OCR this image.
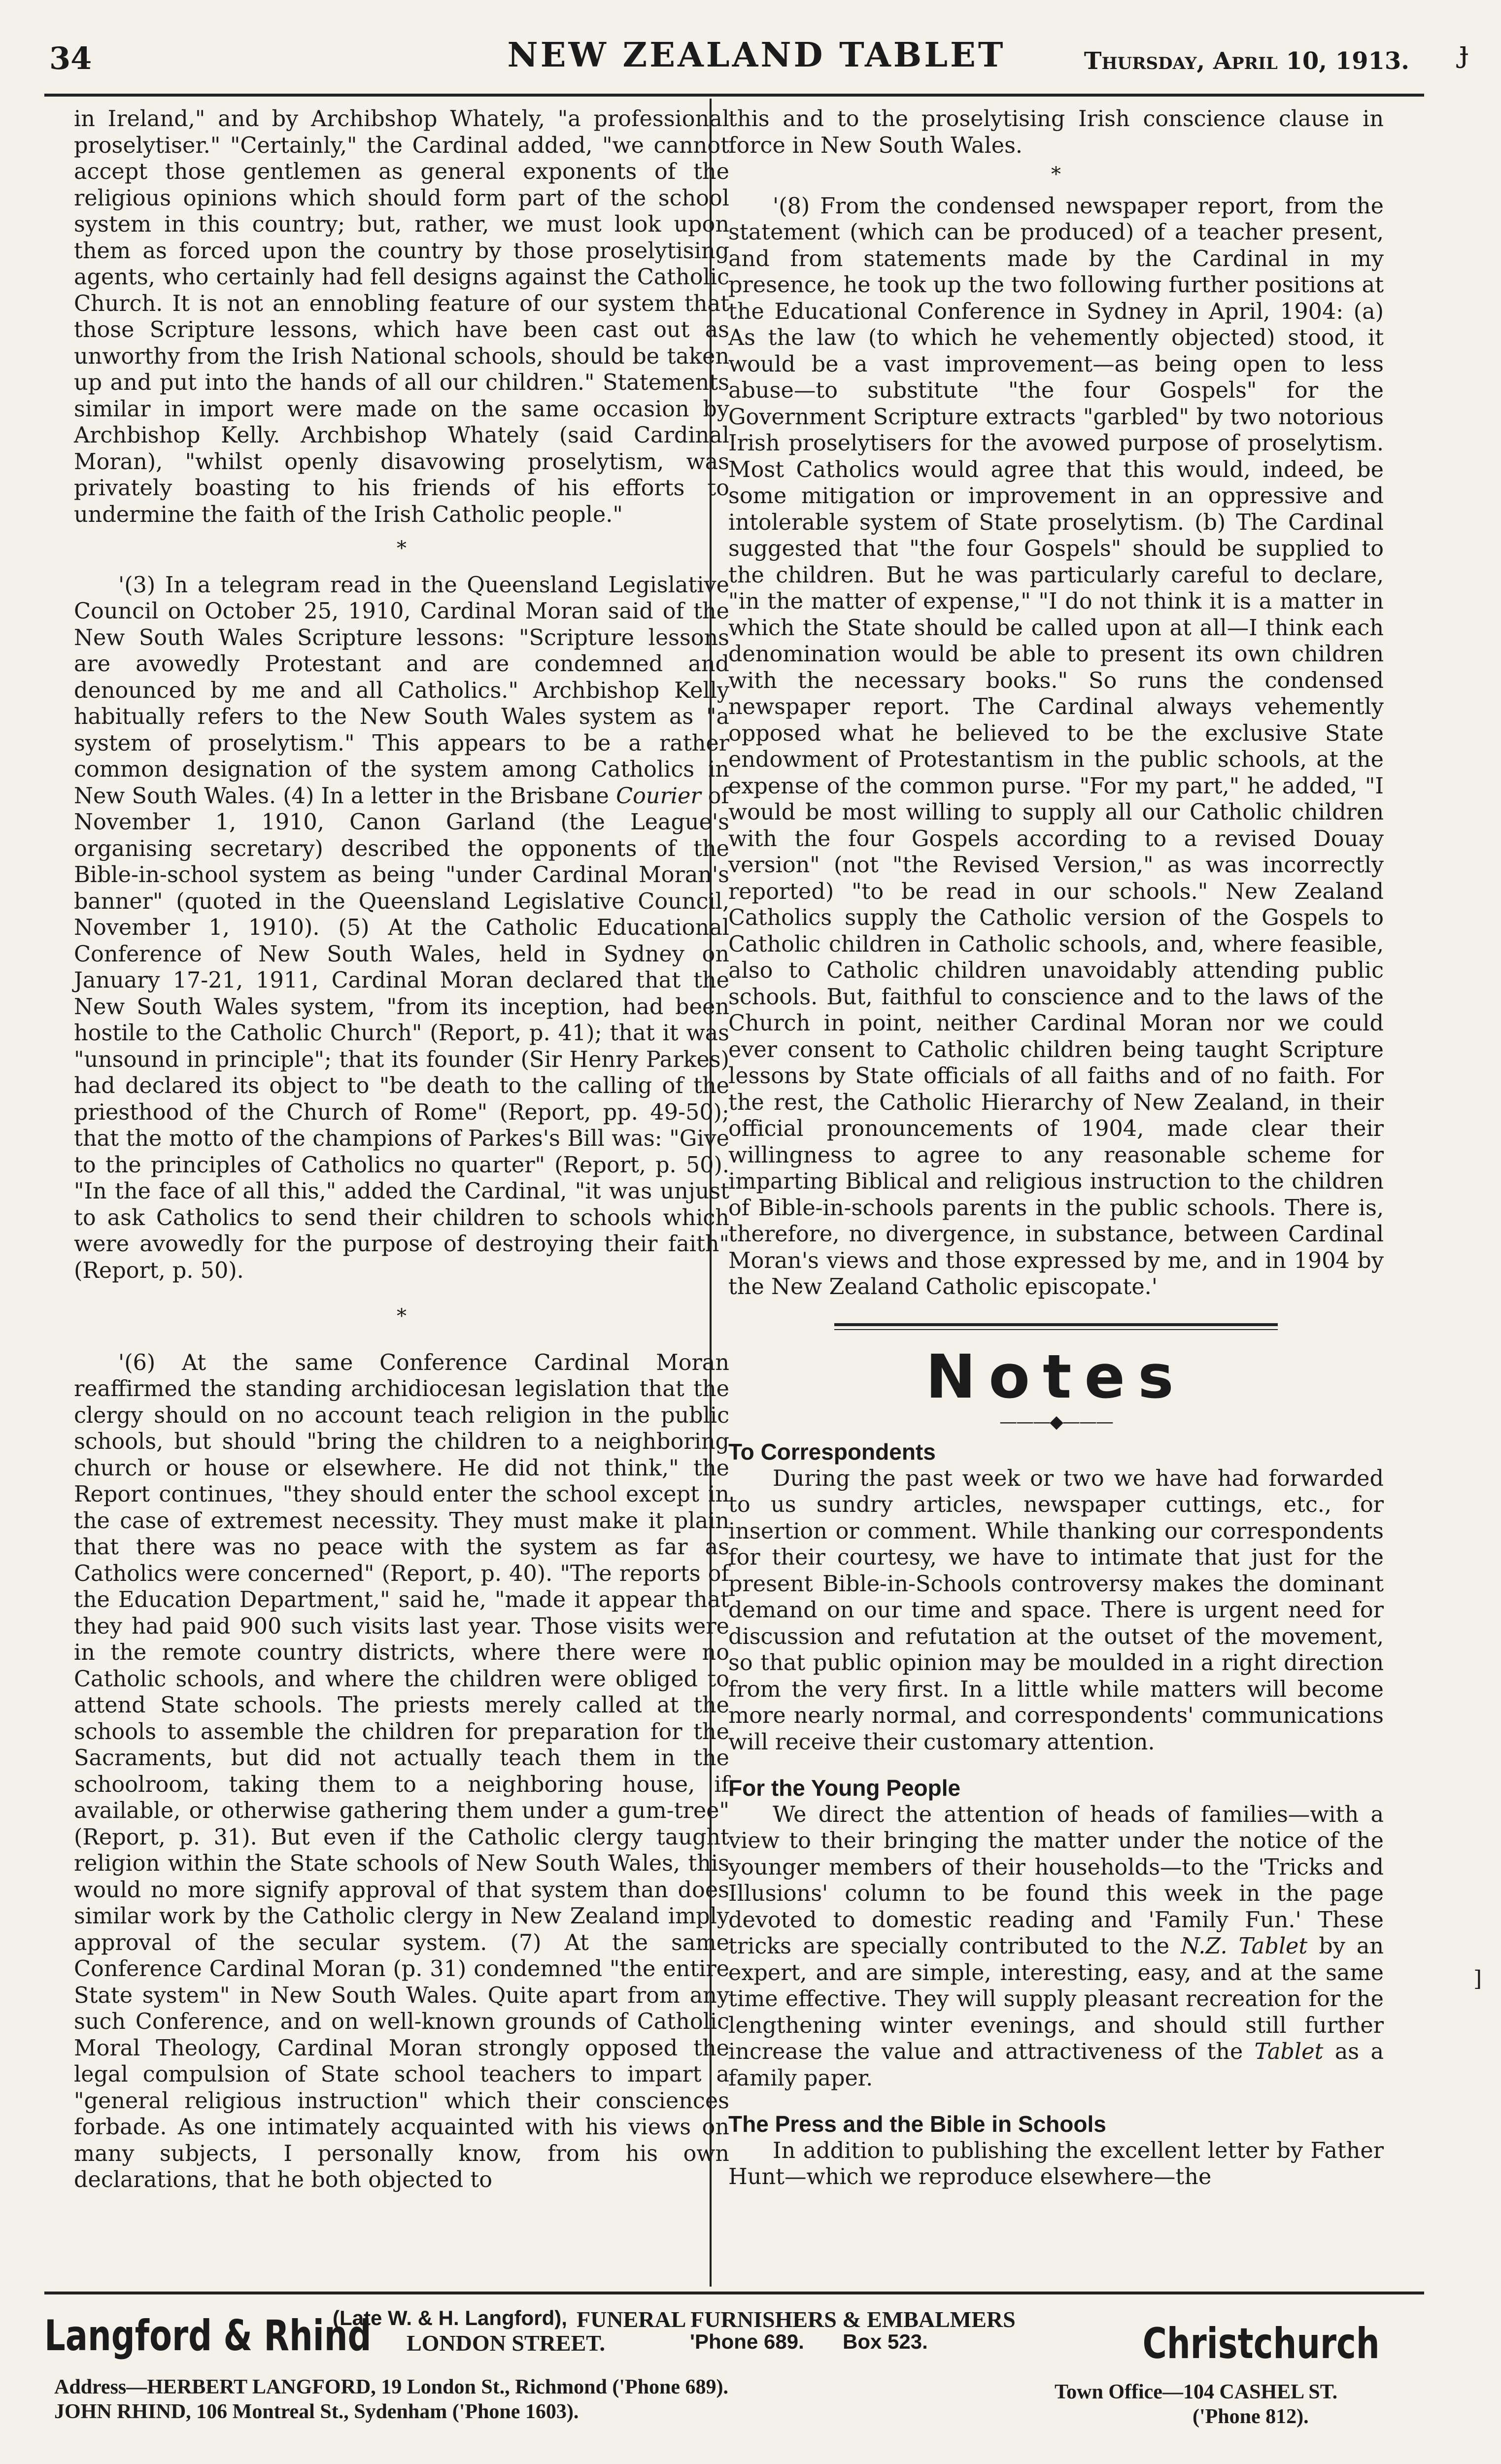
34	NEW ZEALAND TABLET	Thursday, April 10, 1913. ɟ

in Ireland," and by Archibshop Whately, "a professional proselytiser." "Certainly," the Cardinal added, "we cannot accept those gentlemen as general exponents of the religious opinions which should form part of the school system in this country; but, rather, we must look upon them as forced upon the country by those proselytising agents, who certainly had fell designs against the Catholic Church. It is not an ennobling feature of our system that those Scripture lessons, which have been cast out as unworthy from the Irish National schools, should be taken up and put into the hands of all our children." Statements similar in import were made on the same occasion by Archbishop Kelly. Archbishop Whately (said Cardinal Moran), "whilst openly disavowing proselytism, was privately boasting to his friends of his efforts to undermine the faith of the Irish Catholic people."

*

'(3) In a telegram read in the Queensland Legislative Council on October 25, 1910, Cardinal Moran said of the New South Wales Scripture lessons: "Scripture lessons are avowedly Protestant and are condemned and denounced by me and all Catholics." Archbishop Kelly habitually refers to the New South Wales system as "a system of proselytism." This appears to be a rather common designation of the system among Catholics in New South Wales. (4) In a letter in the Brisbane Courier of November 1, 1910, Canon Garland (the League's organising secretary) described the opponents of the Bible-in-school system as being "under Cardinal Moran's banner" (quoted in the Queensland Legislative Council, November 1, 1910). (5) At the Catholic Educational Conference of New South Wales, held in Sydney on January 17-21, 1911, Cardinal Moran declared that the New South Wales system, "from its inception, had been hostile to the Catholic Church" (Report, p. 41); that it was "unsound in principle"; that its founder (Sir Henry Parkes) had declared its object to "be death to the calling of the priesthood of the Church of Rome" (Report, pp. 49-50); that the motto of the champions of Parkes's Bill was: "Give to the principles of Catholics no quarter" (Report, p. 50). "In the face of all this," added the Cardinal, "it was unjust to ask Catholics to send their children to schools which were avowedly for the purpose of destroying their faith" (Report, p. 50).

*

'(6) At the same Conference Cardinal Moran reaffirmed the standing archidiocesan legislation that the clergy should on no account teach religion in the public schools, but should "bring the children to a neighboring church or house or elsewhere. He did not think," the Report continues, "they should enter the school except in the case of extremest necessity. They must make it plain that there was no peace with the system as far as Catholics were concerned" (Report, p. 40). "The reports of the Education Department," said he, "made it appear that they had paid 900 such visits last year. Those visits were in the remote country districts, where there were no Catholic schools, and where the children were obliged to attend State schools. The priests merely called at the schools to assemble the children for preparation for the Sacraments, but did not actually teach them in the schoolroom, taking them to a neighboring house, if available, or otherwise gathering them under a gum-tree" (Report, p. 31). But even if the Catholic clergy taught religion within the State schools of New South Wales, this would no more signify approval of that system than does similar work by the Catholic clergy in New Zealand imply approval of the secular system. (7) At the same Conference Cardinal Moran (p. 31) condemned "the entire State system" in New South Wales. Quite apart from any such Conference, and on well-known grounds of Catholic Moral Theology, Cardinal Moran strongly opposed the legal compulsion of State school teachers to impart a "general religious instruction" which their consciences forbade. As one intimately acquainted with his views on many subjects, I personally know, from his own declarations, that he both objected to

this and to the proselytising Irish conscience clause in force in New South Wales.

*

'(8) From the condensed newspaper report, from the statement (which can be produced) of a teacher present, and from statements made by the Cardinal in my presence, he took up the two following further positions at the Educational Conference in Sydney in April, 1904: (a) As the law (to which he vehemently objected) stood, it would be a vast improvement—as being open to less abuse—to substitute "the four Gospels" for the Government Scripture extracts "garbled" by two notorious Irish proselytisers for the avowed purpose of proselytism. Most Catholics would agree that this would, indeed, be some mitigation or improvement in an oppressive and intolerable system of State proselytism. (b) The Cardinal suggested that "the four Gospels" should be supplied to the children. But he was particularly careful to declare, "in the matter of expense," "I do not think it is a matter in which the State should be called upon at all—I think each denomination would be able to present its own children with the necessary books." So runs the condensed newspaper report. The Cardinal always vehemently opposed what he believed to be the exclusive State endowment of Protestantism in the public schools, at the expense of the common purse. "For my part," he added, "I would be most willing to supply all our Catholic children with the four Gospels according to a revised Douay version" (not "the Revised Version," as was incorrectly reported) "to be read in our schools." New Zealand Catholics supply the Catholic version of the Gospels to Catholic children in Catholic schools, and, where feasible, also to Catholic children unavoidably attending public schools. But, faithful to conscience and to the laws of the Church in point, neither Cardinal Moran nor we could ever consent to Catholic children being taught Scripture lessons by State officials of all faiths and of no faith. For the rest, the Catholic Hierarchy of New Zealand, in their official pronouncements of 1904, made clear their willingness to agree to any reasonable scheme for imparting Biblical and religious instruction to the children of Bible-in-schools parents in the public schools. There is, therefore, no divergence, in substance, between Cardinal Moran's views and those expressed by me, and in 1904 by the New Zealand Catholic episcopate.'

Notes
———◆———

To Correspondents

During the past week or two we have had forwarded to us sundry articles, newspaper cuttings, etc., for insertion or comment. While thanking our correspondents for their courtesy, we have to intimate that just for the present Bible-in-Schools controversy makes the dominant demand on our time and space. There is urgent need for discussion and refutation at the outset of the movement, so that public opinion may be moulded in a right direction from the very first. In a little while matters will become more nearly normal, and correspondents' communications will receive their customary attention.

For the Young People

We direct the attention of heads of families—with a view to their bringing the matter under the notice of the younger members of their households—to the 'Tricks and Illusions' column to be found this week in the page devoted to domestic reading and 'Family Fun.' These tricks are specially contributed to the N.Z. Tablet by an expert, and are simple, interesting, easy, and at the same time effective. They will supply pleasant recreation for the lengthening winter evenings, and should still further increase the value and attractiveness of the Tablet as a family paper.

The Press and the Bible in Schools

In addition to publishing the excellent letter by Father Hunt—which we reproduce elsewhere—the

]
Langford & Rhind
(Late W. & H. Langford), FUNERAL FURNISHERS & EMBALMERS
LONDON STREET.	'Phone 689. Box 523.	Christchurch
Address—HERBERT LANGFORD, 19 London St., Richmond ('Phone 689).
JOHN RHIND, 106 Montreal St., Sydenham ('Phone 1603).
Town Office—104 CASHEL ST.
('Phone 812).
